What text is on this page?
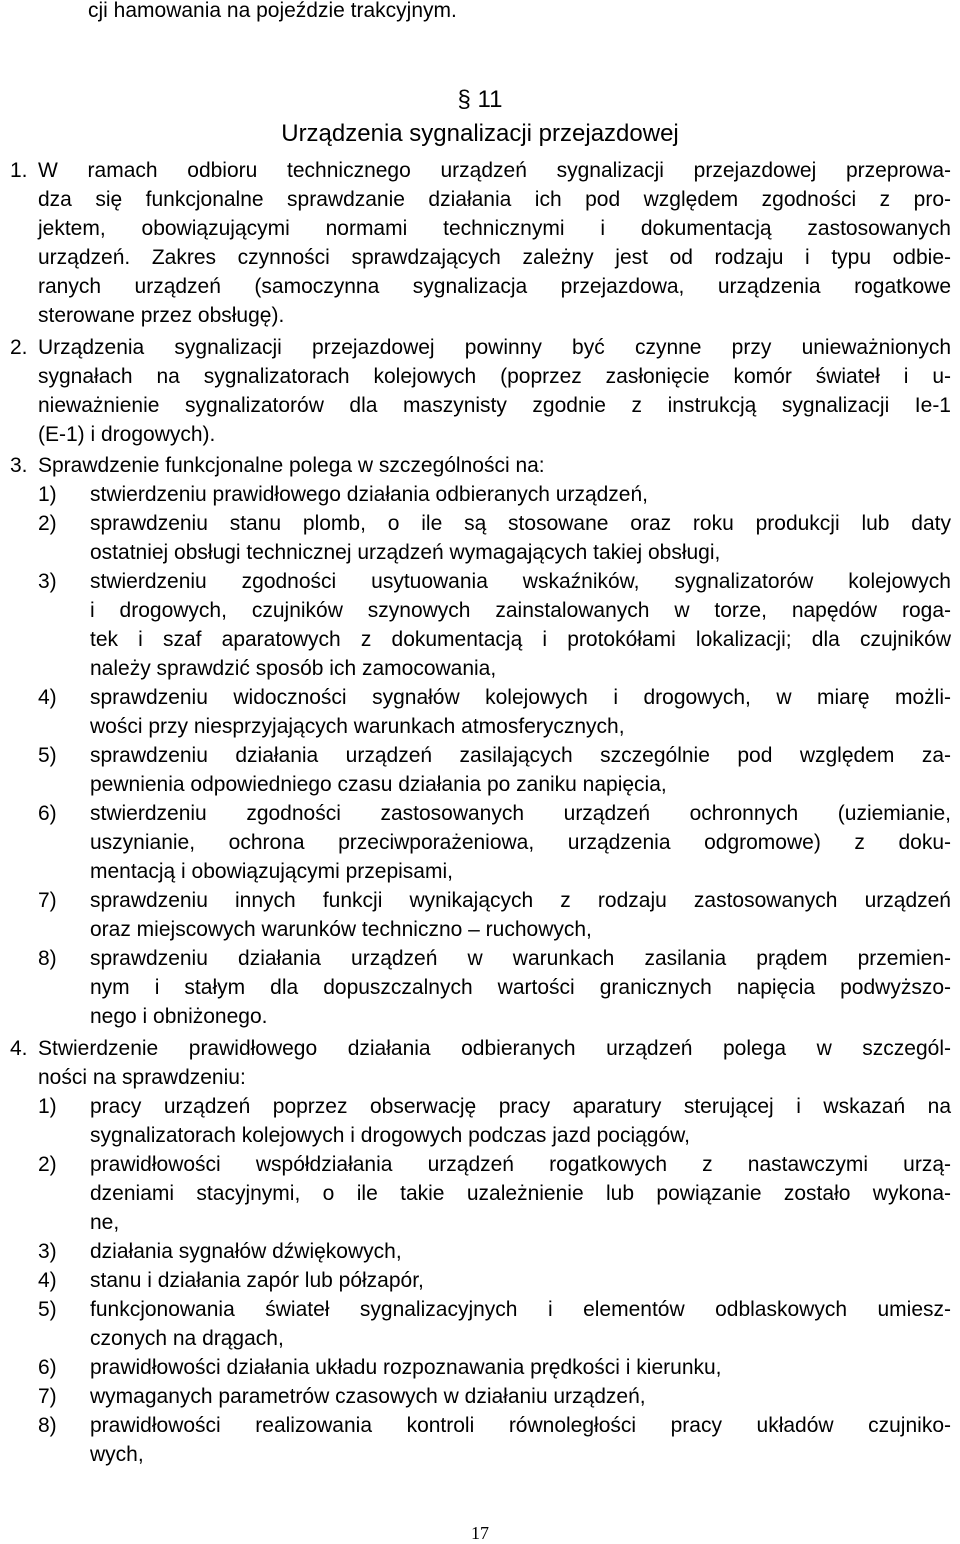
cji hamowania na pojeździe trakcyjnym.
§ 11
Urządzenia sygnalizacji przejazdowej
1. W ramach odbioru technicznego urządzeń sygnalizacji przejazdowej przeprowa-
dza się funkcjonalne sprawdzanie działania ich pod względem zgodności z pro-
jektem, obowiązującymi normami technicznymi i dokumentacją zastosowanych
urządzeń. Zakres czynności sprawdzających zależny jest od rodzaju i typu odbie-
ranych urządzeń (samoczynna sygnalizacja przejazdowa, urządzenia rogatkowe
sterowane przez obsługę).
2. Urządzenia sygnalizacji przejazdowej powinny być czynne przy unieważnionych
sygnałach na sygnalizatorach kolejowych (poprzez zasłonięcie komór świateł i u-
nieważnienie sygnalizatorów dla maszynisty zgodnie z instrukcją sygnalizacji Ie-1
(E-1) i drogowych).
3. Sprawdzenie funkcjonalne polega w szczególności na:
1) stwierdzeniu prawidłowego działania odbieranych urządzeń,
2) sprawdzeniu stanu plomb, o ile są stosowane oraz roku produkcji lub daty
ostatniej obsługi technicznej urządzeń wymagających takiej obsługi,
3) stwierdzeniu zgodności usytuowania wskaźników, sygnalizatorów kolejowych
i drogowych, czujników szynowych zainstalowanych w torze, napędów roga-
tek i szaf aparatowych z dokumentacją i protokółami lokalizacji; dla czujników
należy sprawdzić sposób ich zamocowania,
4) sprawdzeniu widoczności sygnałów kolejowych i drogowych, w miarę możli-
wości przy niesprzyjających warunkach atmosferycznych,
5) sprawdzeniu działania urządzeń zasilających szczególnie pod względem za-
pewnienia odpowiedniego czasu działania po zaniku napięcia,
6) stwierdzeniu zgodności zastosowanych urządzeń ochronnych (uziemianie,
uszynianie, ochrona przeciwporażeniowa, urządzenia odgromowe) z doku-
mentacją i obowiązującymi przepisami,
7) sprawdzeniu innych funkcji wynikających z rodzaju zastosowanych urządzeń
oraz miejscowych warunków techniczno – ruchowych,
8) sprawdzeniu działania urządzeń w warunkach zasilania prądem przemien-
nym i stałym dla dopuszczalnych wartości granicznych napięcia podwyższo-
nego i obniżonego.
4. Stwierdzenie prawidłowego działania odbieranych urządzeń polega w szczegól-
ności na sprawdzeniu:
1) pracy urządzeń poprzez obserwację pracy aparatury sterującej i wskazań na
sygnalizatorach kolejowych i drogowych podczas jazd pociągów,
2) prawidłowości współdziałania urządzeń rogatkowych z nastawczymi urzą-
dzeniami stacyjnymi, o ile takie uzależnienie lub powiązanie zostało wykona-
ne,
3) działania sygnałów dźwiękowych,
4) stanu i działania zapór lub półzapór,
5) funkcjonowania świateł sygnalizacyjnych i elementów odblaskowych umiesz-
czonych na drągach,
6) prawidłowości działania układu rozpoznawania prędkości i kierunku,
7) wymaganych parametrów czasowych w działaniu urządzeń,
8) prawidłowości realizowania kontroli równoległości pracy układów czujniko-
wych,
17
